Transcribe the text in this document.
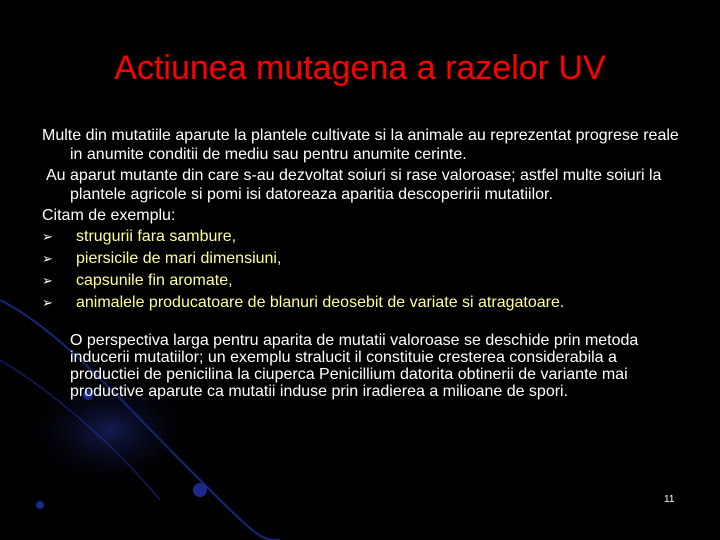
Actiunea mutagena a razelor UV

Multe din mutatiile aparute la plantele cultivate si la animale au reprezentat progrese reale in anumite conditii de mediu sau pentru anumite cerinte.

Au aparut mutante din care s-au dezvoltat soiuri si rase valoroase; astfel multe soiuri la plantele agricole si pomi isi datoreaza aparitia descoperirii mutatiilor.

Citam de exemplu:

➢ strugurii fara sambure,
➢ piersicile de mari dimensiuni,
➢ capsunile fin aromate,
➢ animalele producatoare de blanuri deosebit de variate si atragatoare.

O perspectiva larga pentru aparita de mutatii valoroase se deschide prin metoda inducerii mutatiilor; un exemplu stralucit il constituie cresterea considerabila a productiei de penicilina la ciuperca Penicillium datorita obtinerii de variante mai productive aparute ca mutatii induse prin iradierea a milioane de spori.

11
